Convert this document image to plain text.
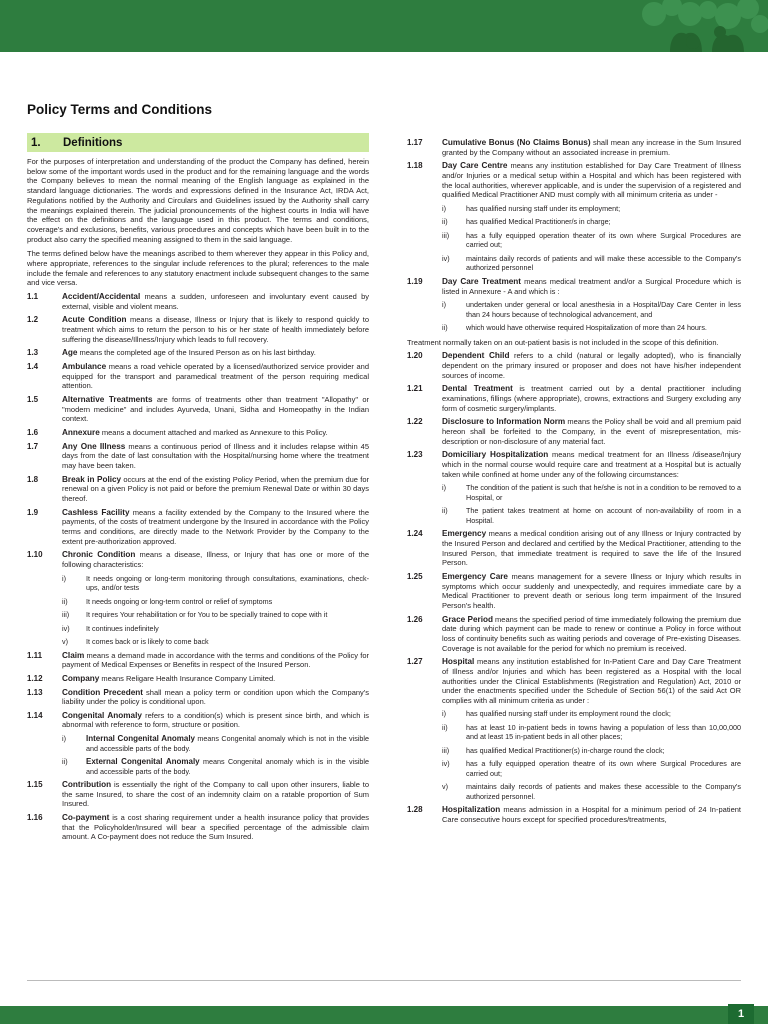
Policy Terms and Conditions
1.	Definitions

For the purposes of interpretation and understanding of the product the Company has defined, herein below some of the important words used in the product and for the remaining language and the words the Company believes to mean the normal meaning of the English language as explained in the standard language dictionaries. The words and expressions defined in the Insurance Act, IRDA Act, Regulations notified by the Authority and Circulars and Guidelines issued by the Authority shall carry the meanings explained therein. The judicial pronouncements of the highest courts in India will have the effect on the definitions and the language used in this product. The terms and conditions, coverage's and exclusions, benefits, various procedures and concepts which have been built in to the product also carry the specified meaning assigned to them in the said language.

The terms defined below have the meanings ascribed to them wherever they appear in this Policy and, where appropriate, references to the singular include references to the plural; references to the male include the female and references to any statutory enactment include subsequent changes to the same and vice versa.

1.1	Accident/Accidental means a sudden, unforeseen and involuntary event caused by external, visible and violent means.
1.2	Acute Condition means a disease, Illness or Injury that is likely to respond quickly to treatment which aims to return the person to his or her state of health immediately before suffering the disease/Illness/Injury which leads to full recovery.
1.3	Age means the completed age of the Insured Person as on his last birthday.
1.4	Ambulance means a road vehicle operated by a licensed/authorized service provider and equipped for the transport and paramedical treatment of the person requiring medical attention.
1.5	Alternative Treatments are forms of treatments other than treatment "Allopathy" or "modern medicine" and includes Ayurveda, Unani, Sidha and Homeopathy in the Indian context.
1.6	Annexure means a document attached and marked as Annexure to this Policy.
1.7	Any One Illness means a continuous period of Illness and it includes relapse within 45 days from the date of last consultation with the Hospital/nursing home where the treatment may have been taken.
1.8	Break in Policy occurs at the end of the existing Policy Period, when the premium due for renewal on a given Policy is not paid or before the premium Renewal Date or within 30 days thereof.
1.9	Cashless Facility means a facility extended by the Company to the Insured where the payments, of the costs of treatment undergone by the Insured in accordance with the Policy terms and conditions, are directly made to the Network Provider by the Company to the extent pre-authorization approved.
1.10	Chronic Condition means a disease, Illness, or Injury that has one or more of the following characteristics:
i)	It needs ongoing or long-term monitoring through consultations, examinations, check-ups, and/or tests
ii)	It needs ongoing or long-term control or relief of symptoms
iii)	It requires Your rehabilitation or for You to be specially trained to cope with it
iv)	It continues indefinitely
v)	It comes back or is likely to come back
1.11	Claim means a demand made in accordance with the terms and conditions of the Policy for payment of Medical Expenses or Benefits in respect of the Insured Person.
1.12	Company means Religare Health Insurance Company Limited.
1.13	Condition Precedent shall mean a policy term or condition upon which the Company's liability under the policy is conditional upon.
1.14	Congenital Anomaly refers to a condition(s) which is present since birth, and which is abnormal with reference to form, structure or position.
i)	Internal Congenital Anomaly means Congenital anomaly which is not in the visible and accessible parts of the body.
ii)	External Congenital Anomaly means Congenital anomaly which is in the visible and accessible parts of the body.
1.15	Contribution is essentially the right of the Company to call upon other insurers, liable to the same Insured, to share the cost of an indemnity claim on a ratable proportion of Sum Insured.
1.16	Co-payment is a cost sharing requirement under a health insurance policy that provides that the Policyholder/Insured will bear a specified percentage of the admissible claim amount. A Co-payment does not reduce the Sum Insured.
1.17	Cumulative Bonus (No Claims Bonus) shall mean any increase in the Sum Insured granted by the Company without an associated increase in premium.
1.18	Day Care Centre means any institution established for Day Care Treatment of Illness and/or Injuries or a medical setup within a Hospital and which has been registered with the local authorities, wherever applicable, and is under the supervision of a registered and qualified Medical Practitioner AND must comply with all minimum criteria as under -
i)	has qualified nursing staff under its employment;
ii)	has qualified Medical Practitioner/s in charge;
iii)	has a fully equipped operation theater of its own where Surgical Procedures are carried out;
iv)	maintains daily records of patients and will make these accessible to the Company's authorized personnel
1.19	Day Care Treatment means medical treatment and/or a Surgical Procedure which is listed in Annexure - A and which is :
i)	undertaken under general or local anesthesia in a Hospital/Day Care Center in less than 24 hours because of technological advancement, and
ii)	which would have otherwise required Hospitalization of more than 24 hours.

Treatment normally taken on an out-patient basis is not included in the scope of this definition.

1.20	Dependent Child refers to a child (natural or legally adopted), who is financially dependent on the primary insured or proposer and does not have his/her independent sources of income.
1.21	Dental Treatment is treatment carried out by a dental practitioner including examinations, fillings (where appropriate), crowns, extractions and Surgery excluding any form of cosmetic surgery/implants.
1.22	Disclosure to Information Norm means the Policy shall be void and all premium paid hereon shall be forfeited to the Company, in the event of misrepresentation, mis-description or non-disclosure of any material fact.
1.23	Domiciliary Hospitalization means medical treatment for an Illness /disease/Injury which in the normal course would require care and treatment at a Hospital but is actually taken while confined at home under any of the following circumstances:
i)	The condition of the patient is such that he/she is not in a condition to be removed to a Hospital, or
ii)	The patient takes treatment at home on account of non-availability of room in a Hospital.
1.24	Emergency means a medical condition arising out of any Illness or Injury contracted by the Insured Person and declared and certified by the Medical Practitioner, attending to the Insured Person, that immediate treatment is required to save the life of the Insured Person.
1.25	Emergency Care means management for a severe Illness or Injury which results in symptoms which occur suddenly and unexpectedly, and requires immediate care by a Medical Practitioner to prevent death or serious long term impairment of the Insured Person's health.
1.26	Grace Period means the specified period of time immediately following the premium due date during which payment can be made to renew or continue a Policy in force without loss of continuity benefits such as waiting periods and coverage of Pre-existing Diseases. Coverage is not available for the period for which no premium is received.
1.27	Hospital means any institution established for In-Patient Care and Day Care Treatment of Illness and/or Injuries and which has been registered as a Hospital with the local authorities under the Clinical Establishments (Registration and Regulation) Act, 2010 or under the enactments specified under the Schedule of Section 56(1) of the said Act OR complies with all minimum criteria as under :
i)	has qualified nursing staff under its employment round the clock;
ii)	has at least 10 in-patient beds in towns having a population of less than 10,00,000 and at least 15 in-patient beds in all other places;
iii)	has qualified Medical Practitioner(s) in-charge round the clock;
iv)	has a fully equipped operation theatre of its own where Surgical Procedures are carried out;
v)	maintains daily records of patients and makes these accessible to the Company's authorized personnel.
1.28	Hospitalization means admission in a Hospital for a minimum period of 24 In-patient Care consecutive hours except for specified procedures/treatments,
1
